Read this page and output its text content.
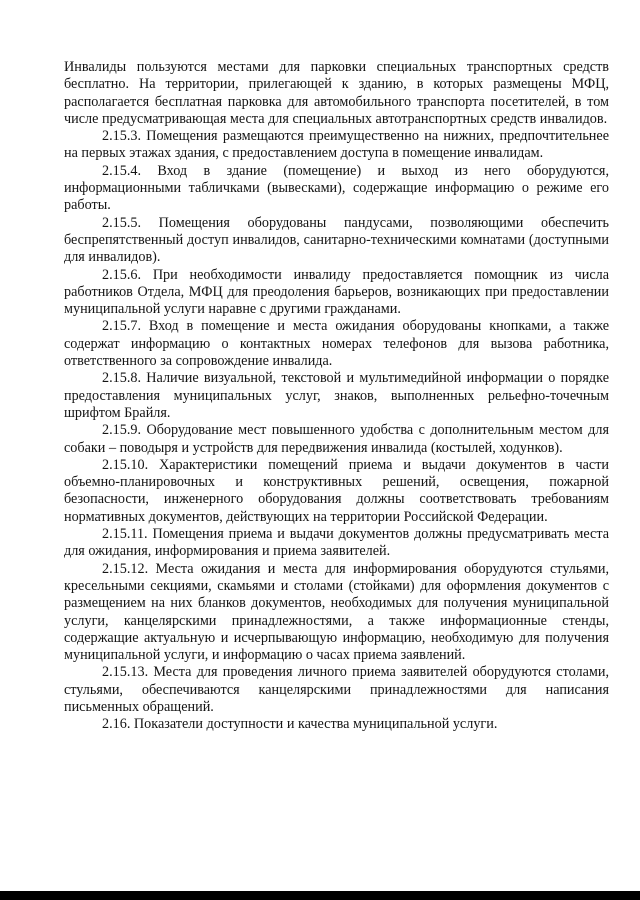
Инвалиды пользуются местами для парковки специальных транспортных средств бесплатно. На территории, прилегающей к зданию, в которых размещены МФЦ, располагается бесплатная парковка для автомобильного транспорта посетителей, в том числе предусматривающая места для специальных автотранспортных средств инвалидов.

2.15.3. Помещения размещаются преимущественно на нижних, предпочтительнее на первых этажах здания, с предоставлением доступа в помещение инвалидам.

2.15.4. Вход в здание (помещение) и выход из него оборудуются, информационными табличками (вывесками), содержащие информацию о режиме его работы.

2.15.5. Помещения оборудованы пандусами, позволяющими обеспечить беспрепятственный доступ инвалидов, санитарно-техническими комнатами (доступными для инвалидов).

2.15.6. При необходимости инвалиду предоставляется помощник из числа работников Отдела, МФЦ для преодоления барьеров, возникающих при предоставлении муниципальной услуги наравне с другими гражданами.

2.15.7. Вход в помещение и места ожидания оборудованы кнопками, а также содержат информацию о контактных номерах телефонов для вызова работника, ответственного за сопровождение инвалида.

2.15.8. Наличие визуальной, текстовой и мультимедийной информации о порядке предоставления муниципальных услуг, знаков, выполненных рельефно-точечным шрифтом Брайля.

2.15.9. Оборудование мест повышенного удобства с дополнительным местом для собаки – поводыря и устройств для передвижения инвалида (костылей, ходунков).

2.15.10. Характеристики помещений приема и выдачи документов в части объемно-планировочных и конструктивных решений, освещения, пожарной безопасности, инженерного оборудования должны соответствовать требованиям нормативных документов, действующих на территории Российской Федерации.

2.15.11. Помещения приема и выдачи документов должны предусматривать места для ожидания, информирования и приема заявителей.

2.15.12. Места ожидания и места для информирования оборудуются стульями, кресельными секциями, скамьями и столами (стойками) для оформления документов с размещением на них бланков документов, необходимых для получения муниципальной услуги, канцелярскими принадлежностями, а также информационные стенды, содержащие актуальную и исчерпывающую информацию, необходимую для получения муниципальной услуги, и информацию о часах приема заявлений.

2.15.13. Места для проведения личного приема заявителей оборудуются столами, стульями, обеспечиваются канцелярскими принадлежностями для написания письменных обращений.

2.16. Показатели доступности и качества муниципальной услуги.
